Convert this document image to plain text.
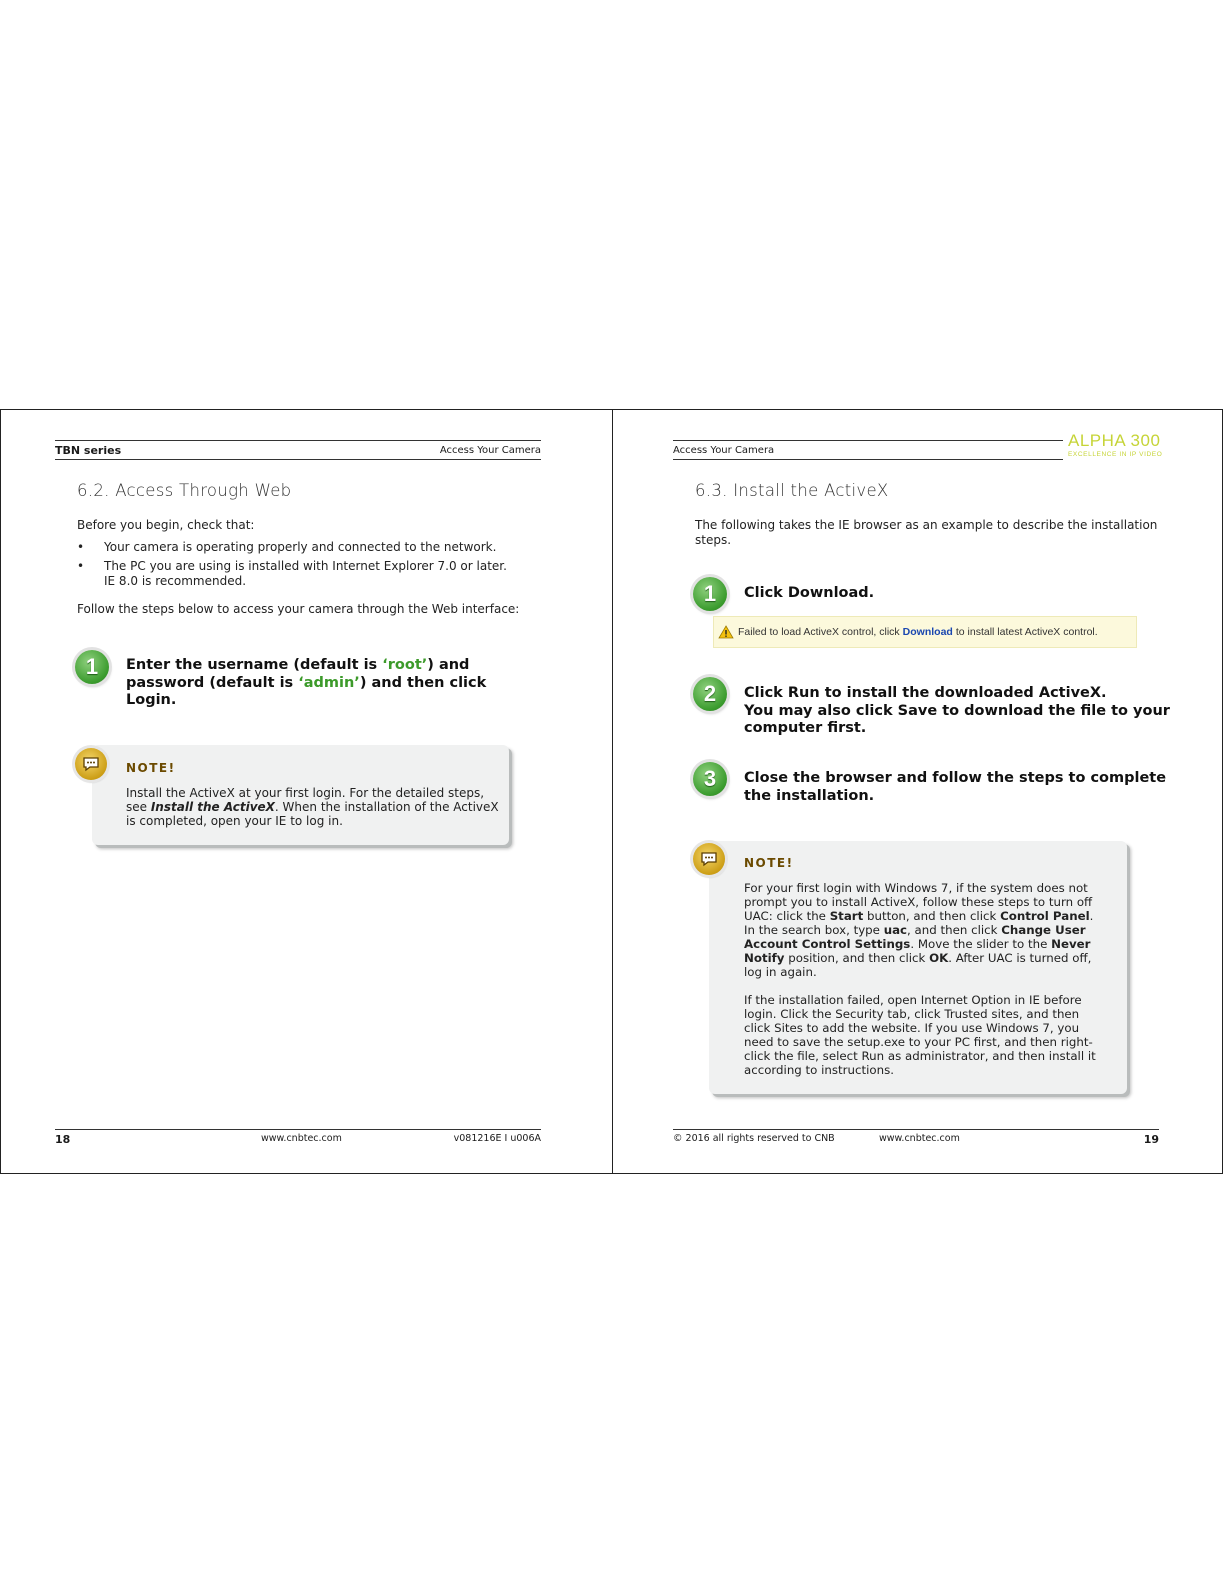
TBN series	Access Your Camera
6.2. Access Through Web
Before you begin, check that:
• Your camera is operating properly and connected to the network.
• The PC you are using is installed with Internet Explorer 7.0 or later.
IE 8.0 is recommended.
Follow the steps below to access your camera through the Web interface:
1	Enter the username (default is ‘root’) and
password (default is ‘admin’) and then click
Login.
NOTE!
Install the ActiveX at your first login. For the detailed steps,
see Install the ActiveX. When the installation of the ActiveX
is completed, open your IE to log in.
18	www.cnbtec.com	v081216E I u006A
Access Your Camera	ALPHA 300
EXCELLENCE IN IP VIDEO
6.3. Install the ActiveX
The following takes the IE browser as an example to describe the installation
steps.
1	Click Download.
Failed to load ActiveX control, click Download to install latest ActiveX control.
2	Click Run to install the downloaded ActiveX.
You may also click Save to download the file to your
computer first.
3	Close the browser and follow the steps to complete
the installation.
NOTE!
For your first login with Windows 7, if the system does not
prompt you to install ActiveX, follow these steps to turn off
UAC: click the Start button, and then click Control Panel.
In the search box, type uac, and then click Change User
Account Control Settings. Move the slider to the Never
Notify position, and then click OK. After UAC is turned off,
log in again.

If the installation failed, open Internet Option in IE before
login. Click the Security tab, click Trusted sites, and then
click Sites to add the website. If you use Windows 7, you
need to save the setup.exe to your PC first, and then right-
click the file, select Run as administrator, and then install it
according to instructions.
© 2016 all rights reserved to CNB	www.cnbtec.com	19
